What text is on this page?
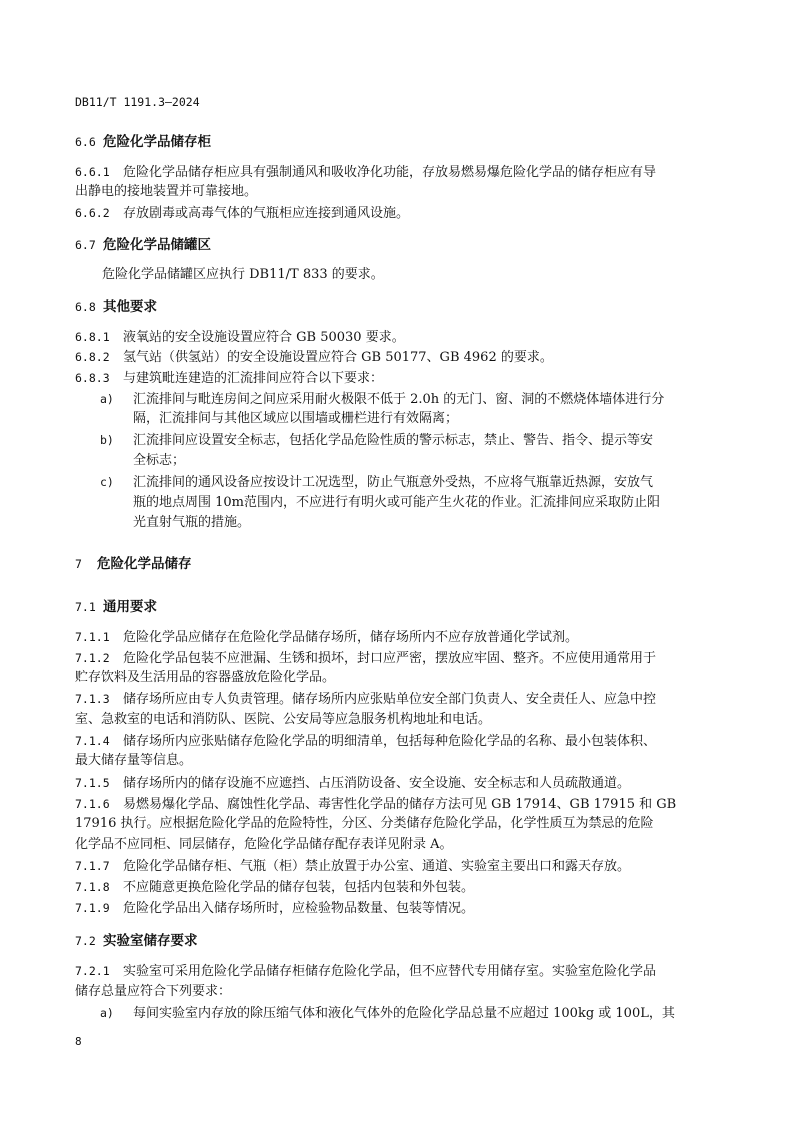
DB11/T 1191.3—2024
6.6 危险化学品储存柜
6.6.1 危险化学品储存柜应具有强制通风和吸收净化功能，存放易燃易爆危险化学品的储存柜应有导
出静电的接地装置并可靠接地。
6.6.2 存放剧毒或高毒气体的气瓶柜应连接到通风设施。
6.7 危险化学品储罐区
危险化学品储罐区应执行 DB11/T 833 的要求。
6.8 其他要求
6.8.1 液氧站的安全设施设置应符合 GB 50030 要求。
6.8.2 氢气站（供氢站）的安全设施设置应符合 GB 50177、GB 4962 的要求。
6.8.3 与建筑毗连建造的汇流排间应符合以下要求：
a) 汇流排间与毗连房间之间应采用耐火极限不低于 2.0h 的无门、窗、洞的不燃烧体墙体进行分
隔，汇流排间与其他区域应以围墙或栅栏进行有效隔离；
b) 汇流排间应设置安全标志，包括化学品危险性质的警示标志，禁止、警告、指令、提示等安
全标志；
c) 汇流排间的通风设备应按设计工况选型，防止气瓶意外受热，不应将气瓶靠近热源，安放气
瓶的地点周围 10m范围内，不应进行有明火或可能产生火花的作业。汇流排间应采取防止阳
光直射气瓶的措施。
7 危险化学品储存
7.1 通用要求
7.1.1 危险化学品应储存在危险化学品储存场所，储存场所内不应存放普通化学试剂。
7.1.2 危险化学品包装不应泄漏、生锈和损坏，封口应严密，摆放应牢固、整齐。不应使用通常用于
贮存饮料及生活用品的容器盛放危险化学品。
7.1.3 储存场所应由专人负责管理。储存场所内应张贴单位安全部门负责人、安全责任人、应急中控
室、急救室的电话和消防队、医院、公安局等应急服务机构地址和电话。
7.1.4 储存场所内应张贴储存危险化学品的明细清单，包括每种危险化学品的名称、最小包装体积、
最大储存量等信息。
7.1.5 储存场所内的储存设施不应遮挡、占压消防设备、安全设施、安全标志和人员疏散通道。
7.1.6 易燃易爆化学品、腐蚀性化学品、毒害性化学品的储存方法可见 GB 17914、GB 17915 和 GB
17916 执行。应根据危险化学品的危险特性，分区、分类储存危险化学品，化学性质互为禁忌的危险
化学品不应同柜、同层储存，危险化学品储存配存表详见附录 A。
7.1.7 危险化学品储存柜、气瓶（柜）禁止放置于办公室、通道、实验室主要出口和露天存放。
7.1.8 不应随意更换危险化学品的储存包装，包括内包装和外包装。
7.1.9 危险化学品出入储存场所时，应检验物品数量、包装等情况。
7.2 实验室储存要求
7.2.1 实验室可采用危险化学品储存柜储存危险化学品，但不应替代专用储存室。实验室危险化学品
储存总量应符合下列要求：
a) 每间实验室内存放的除压缩气体和液化气体外的危险化学品总量不应超过 100kg 或 100L，其
8
